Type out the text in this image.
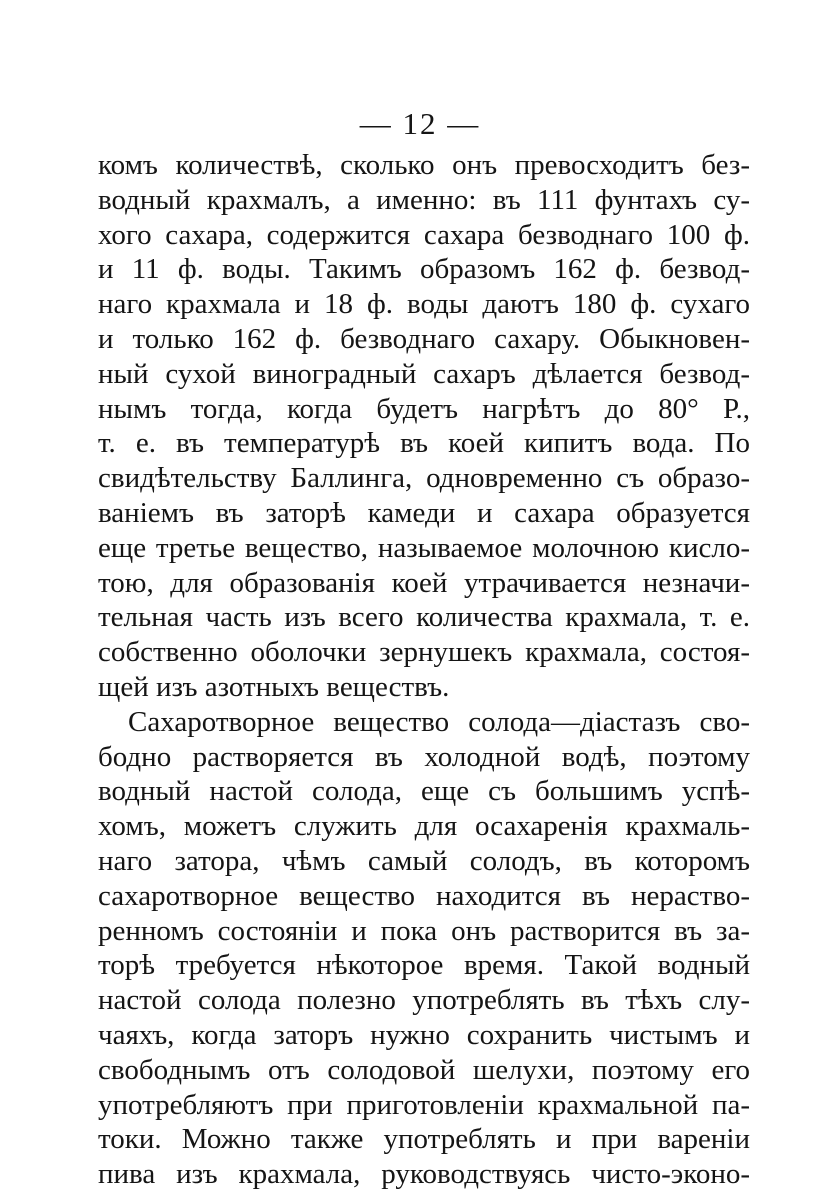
— 12 —
комъ количествѣ, сколько онъ превосходитъ без-
водный крахмалъ, а именно: въ 111 фунтахъ су-
хого сахара, содержится сахара безводнаго 100 ф.
и 11 ф. воды. Такимъ образомъ 162 ф. безвод-
наго крахмала и 18 ф. воды даютъ 180 ф. сухаго
и только 162 ф. безводнаго сахару. Обыкновен-
ный сухой виноградный сахаръ дѣлается безвод-
нымъ тогда, когда будетъ нагрѣтъ до 80° Р.,
т. е. въ температурѣ въ коей кипитъ вода. По
свидѣтельству Баллинга, одновременно съ образо-
ванiемъ въ заторѣ камеди и сахара образуется
еще третье вещество, называемое молочною кисло-
тою, для образованiя коей утрачивается незначи-
тельная часть изъ всего количества крахмала, т. е.
собственно оболочки зернушекъ крахмала, состоя-
щей изъ азотныхъ веществъ.
Сахаротворное вещество солода—дiастазъ сво-
бодно растворяется въ холодной водѣ, поэтому
водный настой солода, еще съ большимъ успѣ-
хомъ, можетъ служить для осахаренiя крахмаль-
наго затора, чѣмъ самый солодъ, въ которомъ
сахаротворное вещество находится въ нераство-
ренномъ состоянiи и пока онъ растворится въ за-
торѣ требуется нѣкоторое время. Такой водный
настой солода полезно употреблять въ тѣхъ слу-
чаяхъ, когда заторъ нужно сохранить чистымъ и
свободнымъ отъ солодовой шелухи, поэтому его
употребляютъ при приготовленiи крахмальной па-
токи. Можно также употреблять и при варенiи
пива изъ крахмала, руководствуясь чисто-эконо-
